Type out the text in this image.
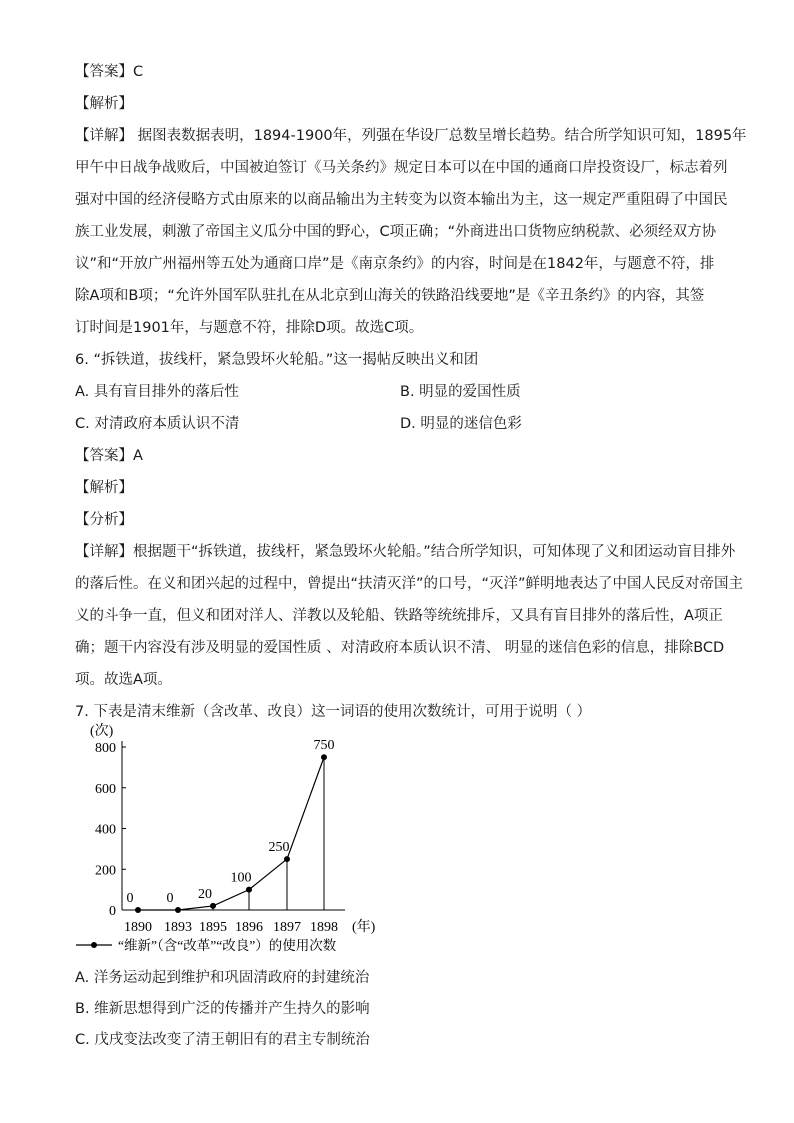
【答案】C
【解析】
【详解】 据图表数据表明，1894-1900年，列强在华设厂总数呈增长趋势。结合所学知识可知，1895年
甲午中日战争战败后，中国被迫签订《马关条约》规定日本可以在中国的通商口岸投资设厂，标志着列
强对中国的经济侵略方式由原来的以商品输出为主转变为以资本输出为主，这一规定严重阻碍了中国民
族工业发展，刺激了帝国主义瓜分中国的野心，C项正确；“外商进出口货物应纳税款、必须经双方协
议”和“开放广州福州等五处为通商口岸”是《南京条约》的内容，时间是在1842年，与题意不符，排
除A项和B项；“允许外国军队驻扎在从北京到山海关的铁路沿线要地”是《辛丑条约》的内容，其签
订时间是1901年，与题意不符，排除D项。故选C项。
6. “拆铁道，拔线杆，紧急毁坏火轮船。”这一揭帖反映出义和团
A. 具有盲目排外的落后性	B. 明显的爱国性质
C. 对清政府本质认识不清	D. 明显的迷信色彩
【答案】A
【解析】
【分析】
【详解】根据题干“拆铁道，拔线杆，紧急毁坏火轮船。”结合所学知识，可知体现了义和团运动盲目排外
的落后性。在义和团兴起的过程中，曾提出“扶清灭洋”的口号，“灭洋”鲜明地表达了中国人民反对帝国主
义的斗争一直，但义和团对洋人、洋教以及轮船、铁路等统统排斥，又具有盲目排外的落后性，A项正
确；题干内容没有涉及明显的爱国性质 、对清政府本质认识不清、 明显的迷信色彩的信息，排除BCD
项。故选A项。
7. 下表是清末维新（含改革、改良）这一词语的使用次数统计，可用于说明（ ）
(次)
(年)
0
200
400
600
800
1890 1893 1895 1896 1897 1898
0 0 20
100
250
750
“维新”（含“改革”“改良”）的使用次数
A. 洋务运动起到维护和巩固清政府的封建统治
B. 维新思想得到广泛的传播并产生持久的影响
C. 戊戌变法改变了清王朝旧有的君主专制统治
